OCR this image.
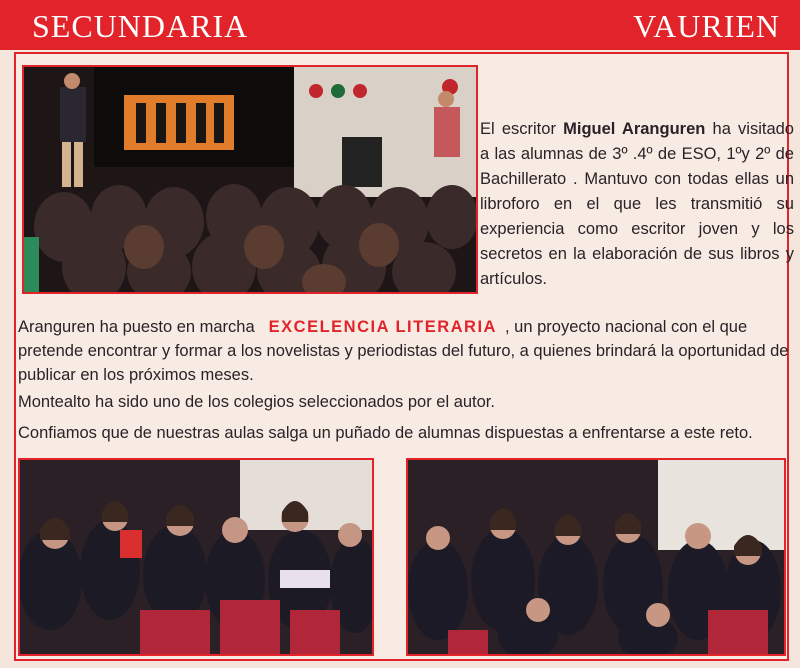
SECUNDARIA	VAURIEN
El escritor Miguel Aranguren ha visitado a las alumnas de 3º .4º de ESO, 1ºy 2º de Bachillerato . Mantuvo con todas ellas un libroforo en el que les transmitió su experiencia como escritor joven y los secretos en la elaboración de sus libros y artículos.
Aranguren ha puesto en marcha EXCELENCIA LITERARIA , un proyecto nacional con el que pretende encontrar y formar a los novelistas y periodistas del futuro, a quienes brindará la oportunidad de publicar en los próximos meses.
Montealto ha sido uno de los colegios seleccionados por el autor.
Confiamos que de nuestras aulas salga un puñado de alumnas dispuestas a enfrentarse a este reto.
